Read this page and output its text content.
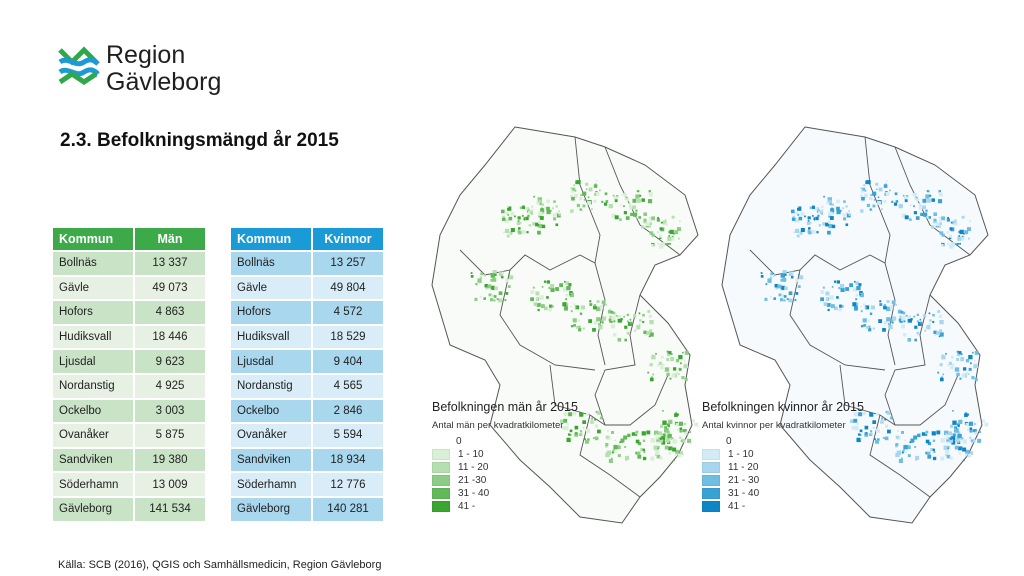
Region
Gävleborg
2.3. Befolkningsmängd år 2015
Kommun	Män
Bollnäs	13 337
Gävle	49 073
Hofors	4 863
Hudiksvall	18 446
Ljusdal	9 623
Nordanstig	4 925
Ockelbo	3 003
Ovanåker	5 875
Sandviken	19 380
Söderhamn	13 009
Gävleborg	141 534
Kommun	Kvinnor
Bollnäs	13 257
Gävle	49 804
Hofors	4 572
Hudiksvall	18 529
Ljusdal	9 404
Nordanstig	4 565
Ockelbo	2 846
Ovanåker	5 594
Sandviken	18 934
Söderhamn	12 776
Gävleborg	140 281
Befolkningen män år 2015
Antal män per kvadratkilometer
0
1 - 10
11 - 20
21 -30
31 - 40
41 -
Befolkningen kvinnor år 2015
Antal kvinnor per kvadratkilometer
0
1 - 10
11 - 20
21 - 30
31 - 40
41 -
Källa: SCB (2016), QGIS och Samhällsmedicin, Region Gävleborg
